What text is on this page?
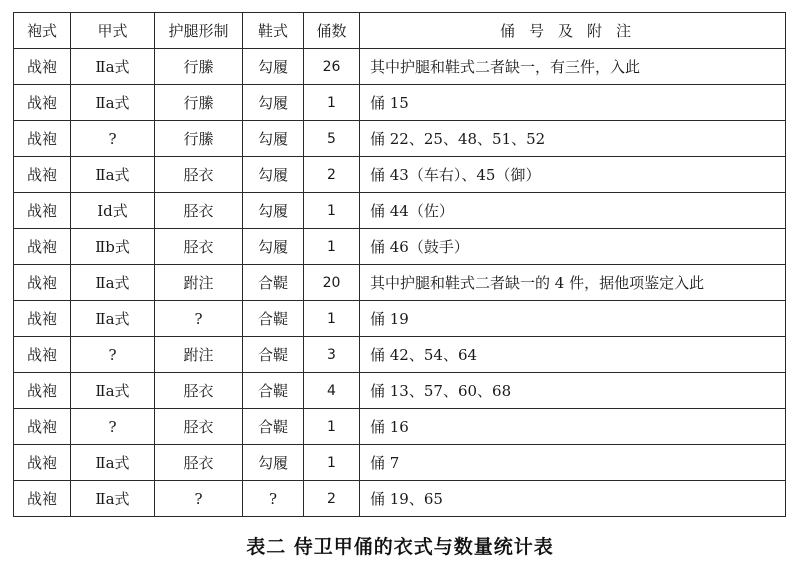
袍式	甲式	护腿形制	鞋式	俑数	俑号及附注
战袍	Ⅱa式	行縢	勾履	26	其中护腿和鞋式二者缺一，有三件，入此
战袍	Ⅱa式	行縢	勾履	1	俑 15
战袍	?	行縢	勾履	5	俑 22、25、48、51、52
战袍	Ⅱa式	胫衣	勾履	2	俑 43（车右）、45（御）
战袍	Ⅰd式	胫衣	勾履	1	俑 44（佐）
战袍	Ⅱb式	胫衣	勾履	1	俑 46（鼓手）
战袍	Ⅱa式	跗注	合鞮	20	其中护腿和鞋式二者缺一的 4 件，据他项鉴定入此
战袍	Ⅱa式	?	合鞮	1	俑 19
战袍	?	跗注	合鞮	3	俑 42、54、64
战袍	Ⅱa式	胫衣	合鞮	4	俑 13、57、60、68
战袍	?	胫衣	合鞮	1	俑 16
战袍	Ⅱa式	胫衣	勾履	1	俑 7
战袍	Ⅱa式	?	?	2	俑 19、65
表二 侍卫甲俑的衣式与数量统计表
